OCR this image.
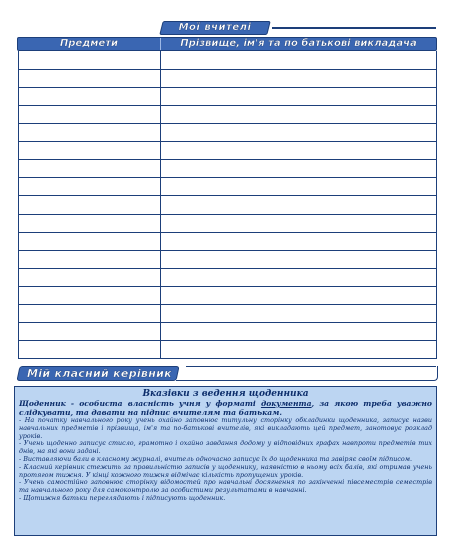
Мої вчителі
Предмети	Прізвище, ім'я та по батькові викладача
Мій класний керівник
Вказівки з ведення щоденника
Щоденник - особиста власність учня у форматі документа, за якою треба уважно слідкувати, та давати на підпис вчителям та батькам.
- На початку навчального року учень охайно заповнює титульну сторінку обкладинки щоденника, записує назви навчальних предметів і прізвища, ім'я та по-батькові вчителів, які викладають цей предмет, занотовує розклад уроків.
- Учень щоденно записує стисло, грамотно і охайно завдання додому у відповідних графах навпроти предметів тих днів, на які вони задані.
- Виставляючи бали в класному журналі, вчитель одночасно записує їх до щоденника та завіряє своїм підписом.
- Класний керівник стежить за правильністю записів у щоденнику, наявністю в ньому всіх балів, які отримав учень протягом тижня. У кінці кожного тижня відмічає кількість пропущених уроків.
- Учень самостійно заповнює сторінку відомостей про навчальні досягнення по закінченні півсеместрів семестрів та навчального року для самоконтролю за особистими результатами в навчанні.
- Щотижня батьки переглядають і підписують щоденник.
